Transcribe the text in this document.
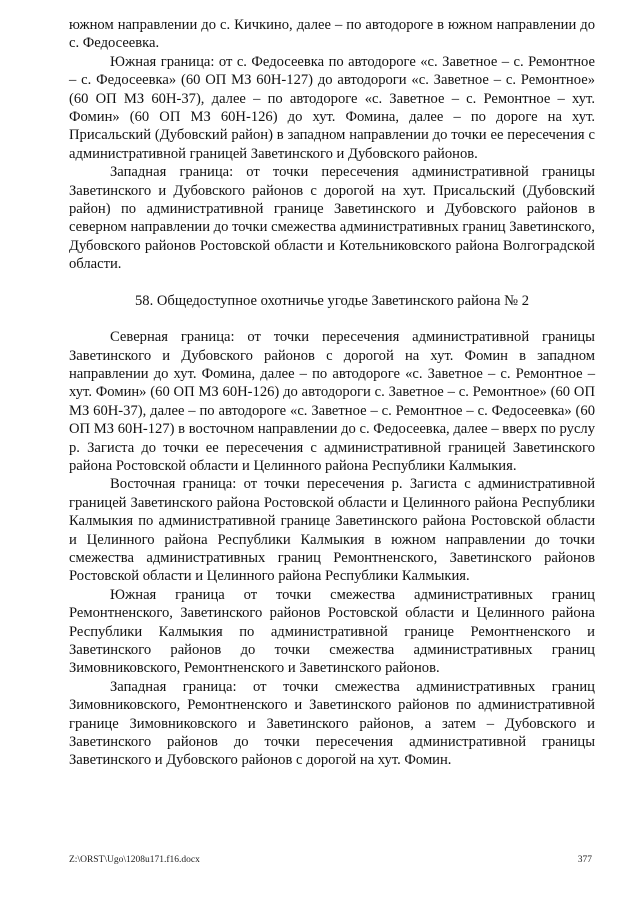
южном направлении до с. Кичкино, далее – по автодороге в южном направлении до с. Федосеевка.

Южная граница: от с. Федосеевка по автодороге «с. Заветное – с. Ремонтное – с. Федосеевка» (60 ОП МЗ 60Н-127) до автодороги «с. Заветное – с. Ремонтное» (60 ОП МЗ 60Н-37), далее – по автодороге «с. Заветное – с. Ремонтное – хут. Фомин» (60 ОП МЗ 60Н-126) до хут. Фомина, далее – по дороге на хут. Присальский (Дубовский район) в западном направлении до точки ее пересечения с административной границей Заветинского и Дубовского районов.

Западная граница: от точки пересечения административной границы Заветинского и Дубовского районов с дорогой на хут. Присальский (Дубовский район) по административной границе Заветинского и Дубовского районов в северном направлении до точки смежества административных границ Заветинского, Дубовского районов Ростовской области и Котельниковского района Волгоградской области.

58. Общедоступное охотничье угодье Заветинского района № 2

Северная граница: от точки пересечения административной границы Заветинского и Дубовского районов с дорогой на хут. Фомин в западном направлении до хут. Фомина, далее – по автодороге «с. Заветное – с. Ремонтное – хут. Фомин» (60 ОП МЗ 60Н-126) до автодороги с. Заветное – с. Ремонтное» (60 ОП МЗ 60Н-37), далее – по автодороге «с. Заветное – с. Ремонтное – с. Федосеевка» (60 ОП МЗ 60Н-127) в восточном направлении до с. Федосеевка, далее – вверх по руслу р. Загиста до точки ее пересечения с административной границей Заветинского района Ростовской области и Целинного района Республики Калмыкия.

Восточная граница: от точки пересечения р. Загиста с административной границей Заветинского района Ростовской области и Целинного района Республики Калмыкия по административной границе Заветинского района Ростовской области и Целинного района Республики Калмыкия в южном направлении до точки смежества административных границ Ремонтненского, Заветинского районов Ростовской области и Целинного района Республики Калмыкия.

Южная граница от точки смежества административных границ Ремонтненского, Заветинского районов Ростовской области и Целинного района Республики Калмыкия по административной границе Ремонтненского и Заветинского районов до точки смежества административных границ Зимовниковского, Ремонтненского и Заветинского районов.

Западная граница: от точки смежества административных границ Зимовниковского, Ремонтненского и Заветинского районов по административной границе Зимовниковского и Заветинского районов, а затем – Дубовского и Заветинского районов до точки пересечения административной границы Заветинского и Дубовского районов с дорогой на хут. Фомин.

Z:\ORST\Ugo\1208u171.f16.docx	377
